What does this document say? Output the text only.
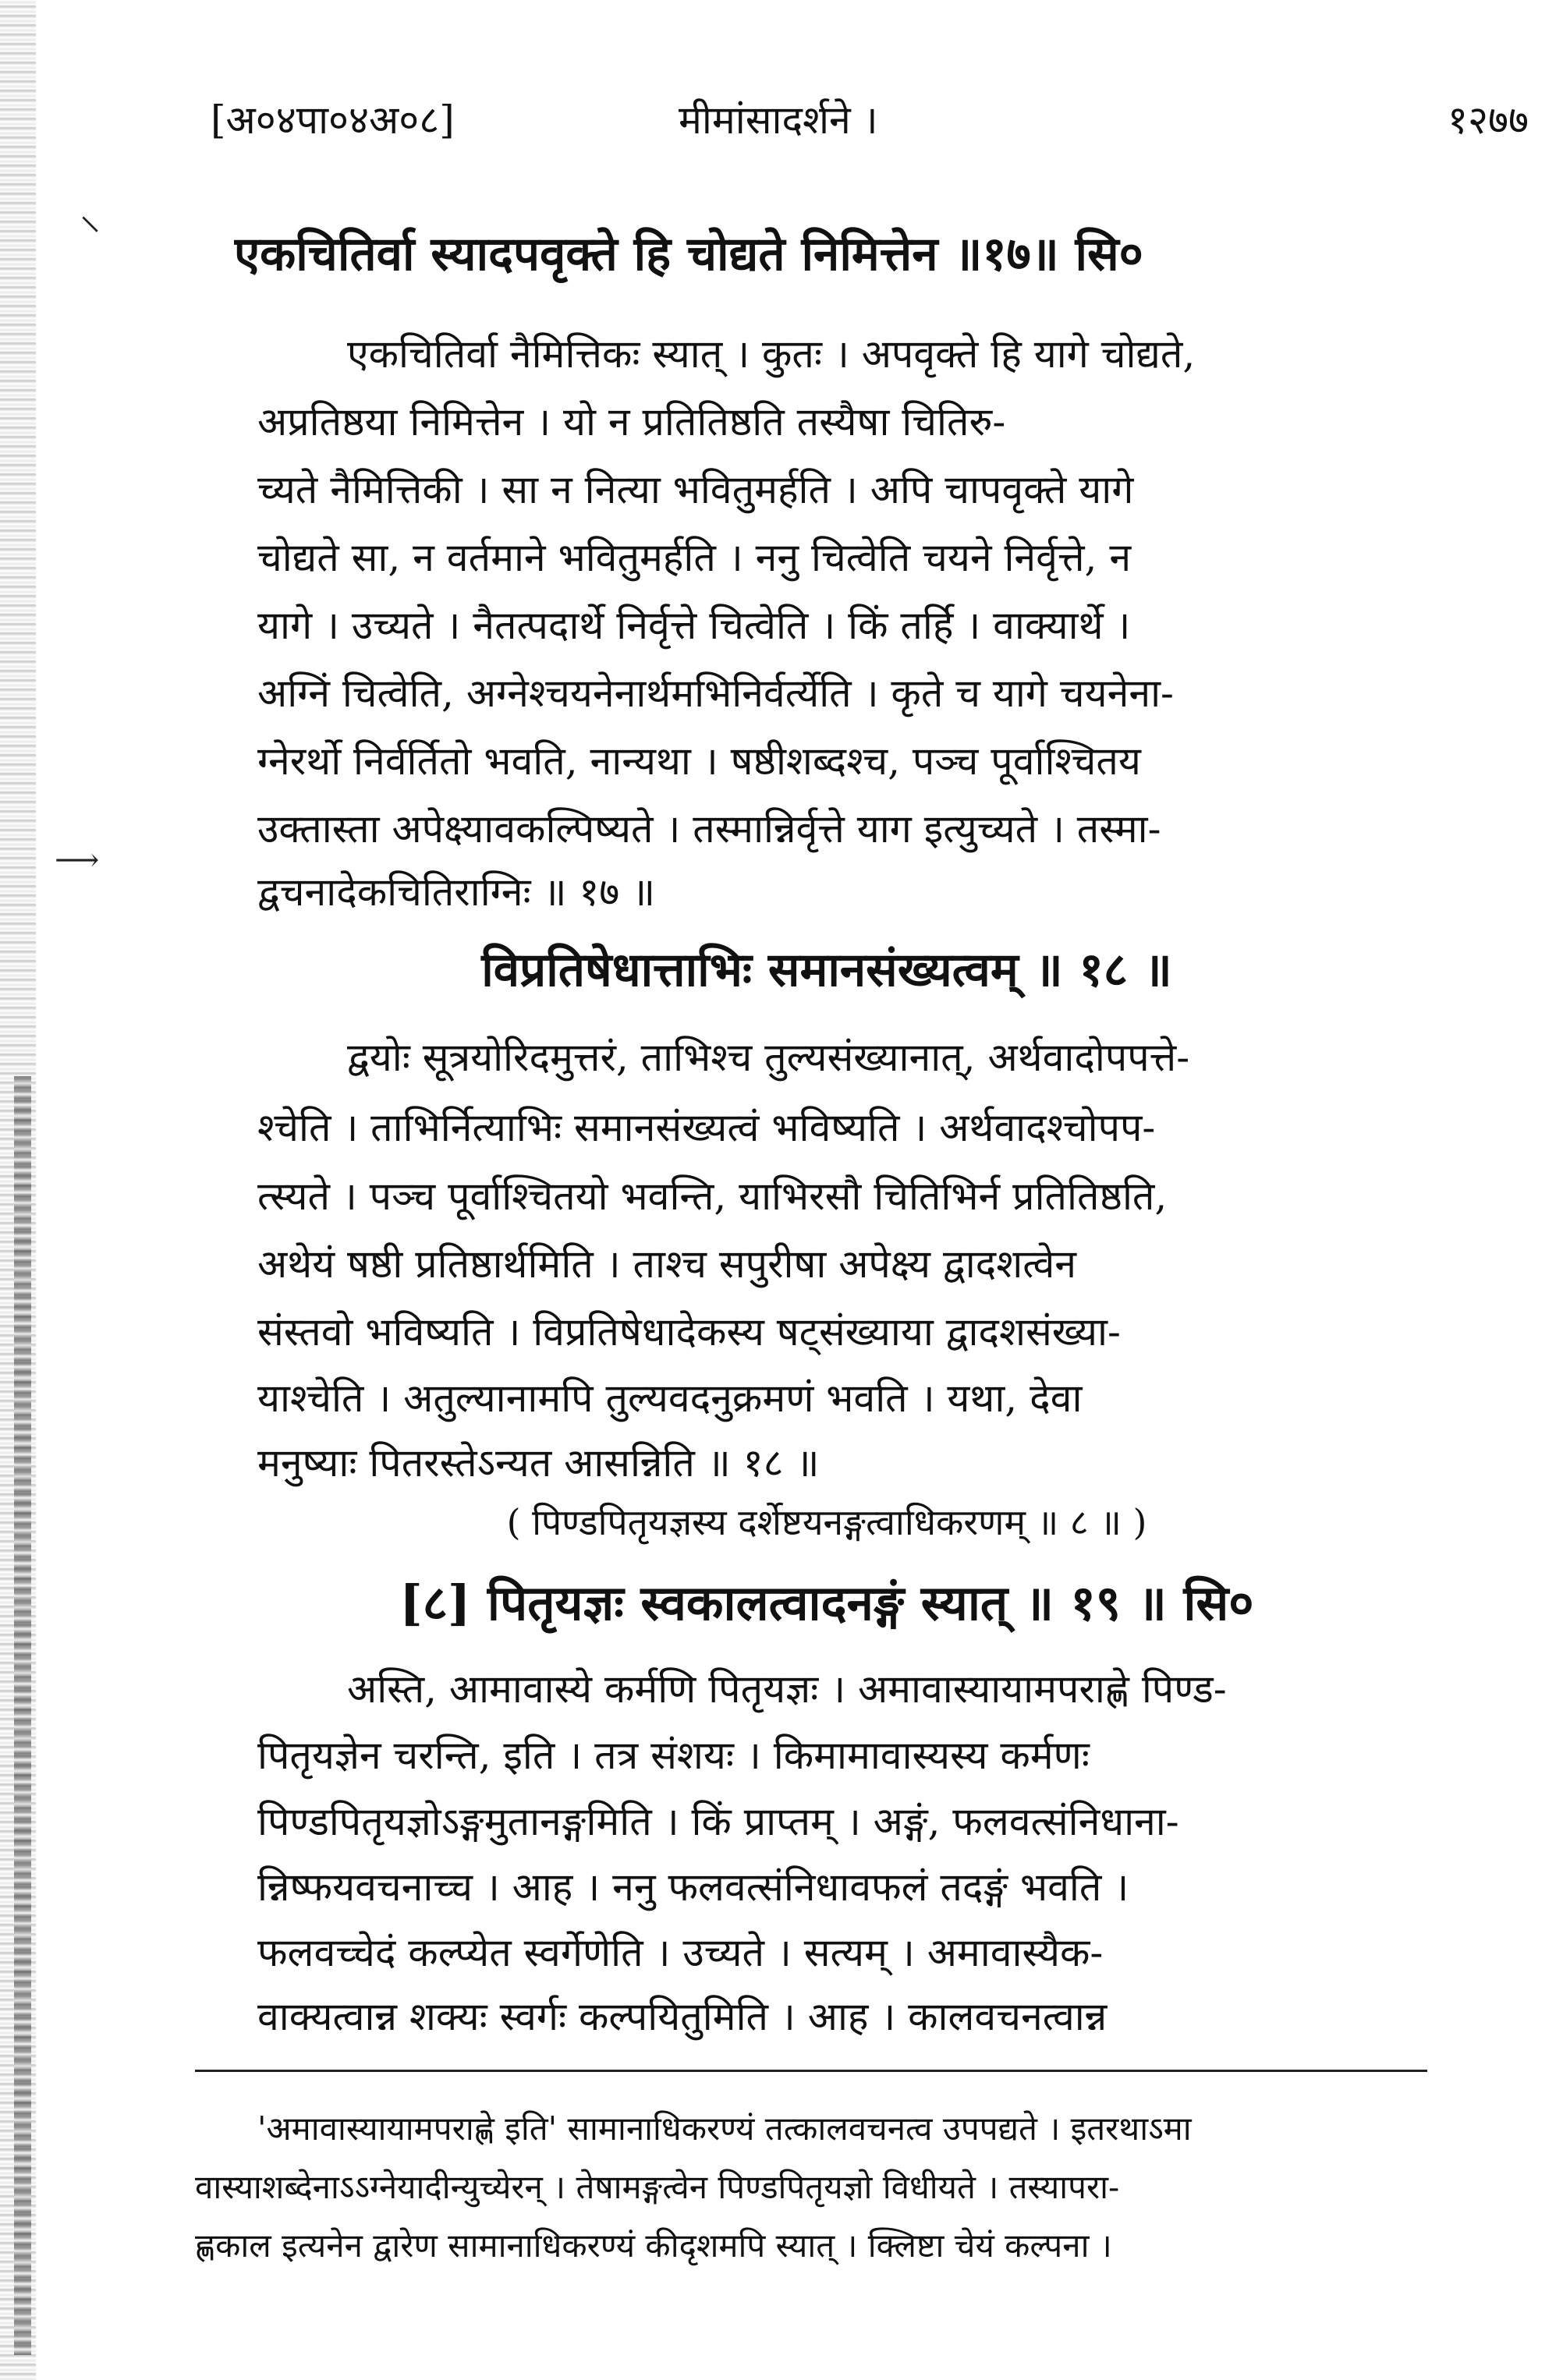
⸌
⟶
[अ०४पा०४अ०८]	मीमांसादर्शने ।	१२७७
एकचितिर्वा स्यादपवृक्ते हि चोद्यते निमित्तेन ॥१७॥ सि०
एकचितिर्वा नैमित्तिकः स्यात् । कुतः । अपवृक्ते हि यागे चोद्यते,
अप्रतिष्ठया निमित्तेन । यो न प्रतितिष्ठति तस्यैषा चितिरु-
च्यते नैमित्तिकी । सा न नित्या भवितुमर्हति । अपि चापवृक्ते यागे
चोद्यते सा, न वर्तमाने भवितुमर्हति । ननु चित्वेति चयने निर्वृत्ते, न
यागे । उच्यते । नैतत्पदार्थे निर्वृत्ते चित्वेति । किं तर्हि । वाक्यार्थे ।
अग्निं चित्वेति, अग्नेश्चयनेनार्थमभिनिर्वर्त्येति । कृते च यागे चयनेना-
ग्नेरर्थो निर्वर्तितो भवति, नान्यथा । षष्ठीशब्दश्च, पञ्च पूर्वाश्चितय
उक्तास्ता अपेक्ष्यावकल्पिष्यते । तस्मान्निर्वृत्ते याग इत्युच्यते । तस्मा-
द्वचनादेकचितिराग्निः ॥ १७ ॥
विप्रतिषेधात्ताभिः समानसंख्यत्वम् ॥ १८ ॥
द्वयोः सूत्रयोरिदमुत्तरं, ताभिश्च तुल्यसंख्यानात्, अर्थवादोपपत्ते-
श्चेति । ताभिर्नित्याभिः समानसंख्यत्वं भविष्यति । अर्थवादश्चोपप-
त्स्यते । पञ्च पूर्वाश्चितयो भवन्ति, याभिरसौ चितिभिर्न प्रतितिष्ठति,
अथेयं षष्ठी प्रतिष्ठार्थमिति । ताश्च सपुरीषा अपेक्ष्य द्वादशत्वेन
संस्तवो भविष्यति । विप्रतिषेधादेकस्य षट्संख्याया द्वादशसंख्या-
याश्चेति । अतुल्यानामपि तुल्यवदनुक्रमणं भवति । यथा, देवा
मनुष्याः पितरस्तेऽन्यत आसन्निति ॥ १८ ॥
( पिण्डपितृयज्ञस्य दर्शेष्टयनङ्गत्वाधिकरणम् ॥ ८ ॥ )
[८] पितृयज्ञः स्वकालत्वादनङ्गं स्यात् ॥ १९ ॥ सि०
अस्ति, आमावास्ये कर्मणि पितृयज्ञः । अमावास्यायामपराह्णे पिण्ड-
पितृयज्ञेन चरन्ति, इति । तत्र संशयः । किमामावास्यस्य कर्मणः
पिण्डपितृयज्ञोऽङ्गमुतानङ्गमिति । किं प्राप्तम् । अङ्गं, फलवत्संनिधाना-
न्निष्फयवचनाच्च । आह । ननु फलवत्संनिधावफलं तदङ्गं भवति ।
फलवच्चेदं कल्प्येत स्वर्गेणेति । उच्यते । सत्यम् । अमावास्यैक-
वाक्यत्वान्न शक्यः स्वर्गः कल्पयितुमिति । आह । कालवचनत्वान्न
'अमावास्यायामपराह्णे इति' सामानाधिकरण्यं तत्कालवचनत्व उपपद्यते । इतरथाऽमा
वास्याशब्देनाऽऽग्नेयादीन्युच्येरन् । तेषामङ्गत्वेन पिण्डपितृयज्ञो विधीयते । तस्यापरा-
ह्णकाल इत्यनेन द्वारेण सामानाधिकरण्यं कीदृशमपि स्यात् । क्लिष्टा चेयं कल्पना ।
